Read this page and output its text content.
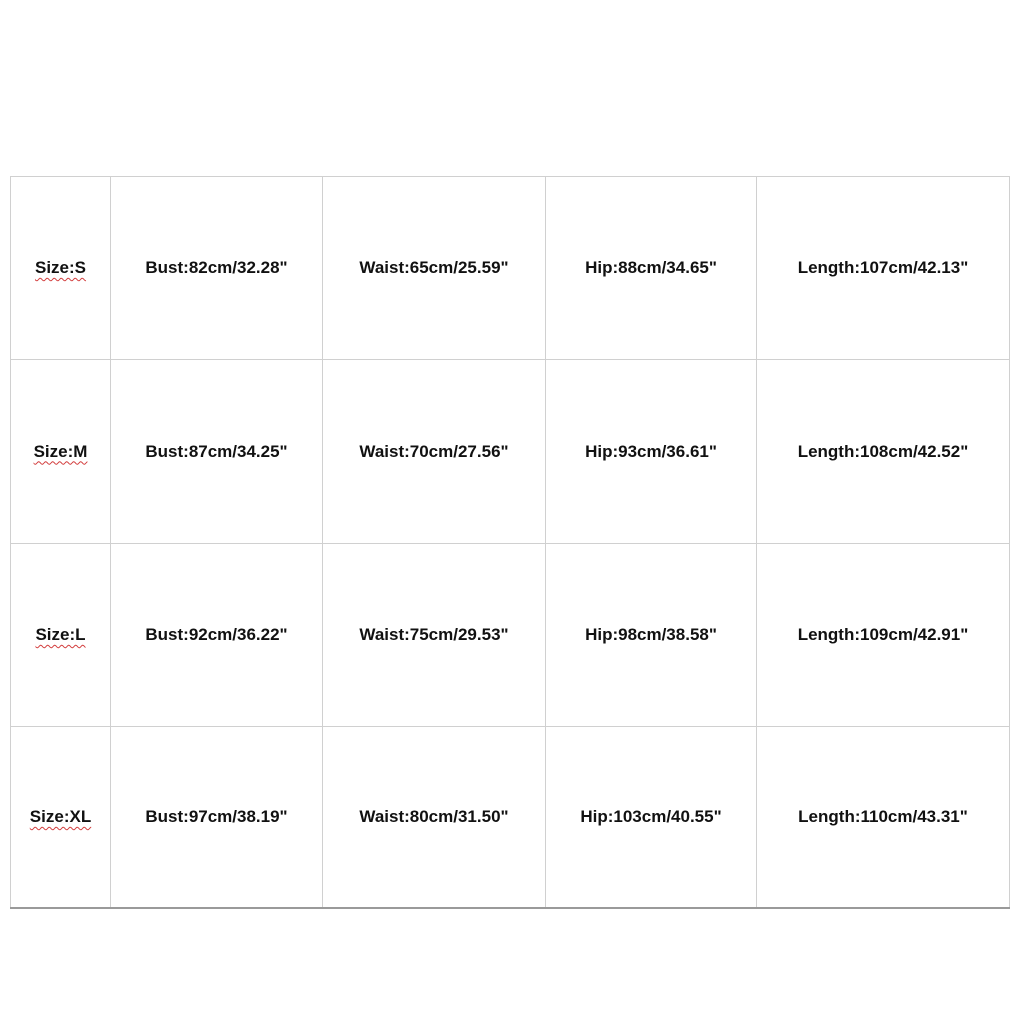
Size:S	Bust:82cm/32.28"	Waist:65cm/25.59"	Hip:88cm/34.65"	Length:107cm/42.13"
Size:M	Bust:87cm/34.25"	Waist:70cm/27.56"	Hip:93cm/36.61"	Length:108cm/42.52"
Size:L	Bust:92cm/36.22"	Waist:75cm/29.53"	Hip:98cm/38.58"	Length:109cm/42.91"
Size:XL	Bust:97cm/38.19"	Waist:80cm/31.50"	Hip:103cm/40.55"	Length:110cm/43.31"
